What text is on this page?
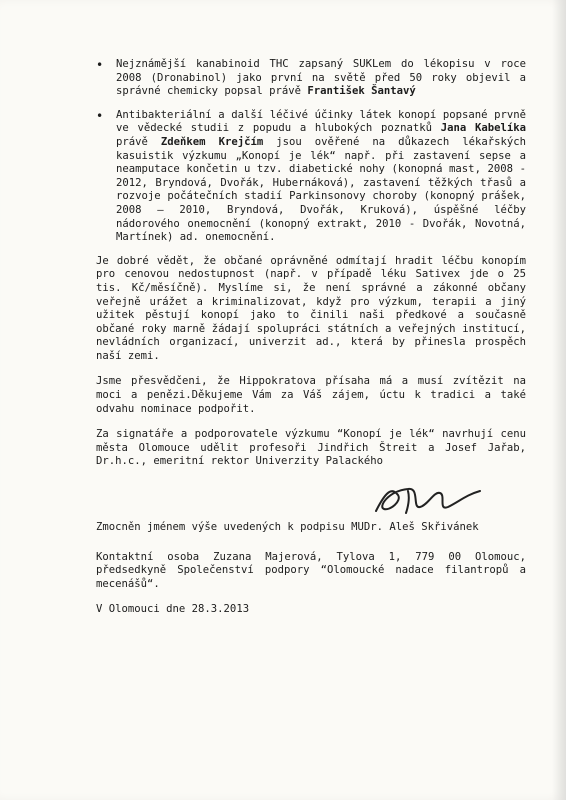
• Nejznámější kanabinoid THC zapsaný SUKLem do lékopisu v roce 2008 (Dronabinol) jako první na světě před 50 roky objevil a správné chemicky popsal právě František Šantavý
• Antibakteriální a další léčivé účinky látek konopí popsané prvně ve vědecké studii z popudu a hlubokých poznatků Jana Kabelíka právě Zdeňkem Krejčím jsou ověřené na důkazech lékařských kasuistik výzkumu „Konopí je lék“ např. při zastavení sepse a neamputace končetin u tzv. diabetické nohy (konopná mast, 2008 - 2012, Bryndová, Dvořák, Hubernáková), zastavení těžkých třasů a rozvoje počátečních stadií Parkinsonovy choroby (konopný prášek, 2008 – 2010, Bryndová, Dvořák, Kruková), úspěšné léčby nádorového onemocnění (konopný extrakt, 2010 - Dvořák, Novotná, Martínek) ad. onemocnění.

Je dobré vědět, že občané oprávněné odmítají hradit léčbu konopím pro cenovou nedostupnost (např. v případě léku Sativex jde o 25 tis. Kč/měsíčně). Myslíme si, že není správné a zákonné občany veřejně urážet a kriminalizovat, když pro výzkum, terapii a jiný užitek pěstují konopí jako to činili naši předkové a současně občané roky marně žádají spolupráci státních a veřejných institucí, nevládních organizací, univerzit ad., která by přinesla prospěch naší zemi.

Jsme přesvědčeni, že Hippokratova přísaha má a musí zvítězit na moci a penězi.Děkujeme Vám za Váš zájem, úctu k tradici a také odvahu nominace podpořit.

Za signatáře a podporovatele výzkumu “Konopí je lék“ navrhují cenu města Olomouce udělit profesoři Jindřich Štreit a Josef Jařab, Dr.h.c., emeritní rektor Univerzity Palackého

Zmocněn jménem výše uvedených k podpisu MUDr. Aleš Skřivánek

Kontaktní osoba Zuzana Majerová, Tylova 1, 779 00 Olomouc, předsedkyně Společenství podpory “Olomoucké nadace filantropů a mecenášů“.

V Olomouci dne 28.3.2013
